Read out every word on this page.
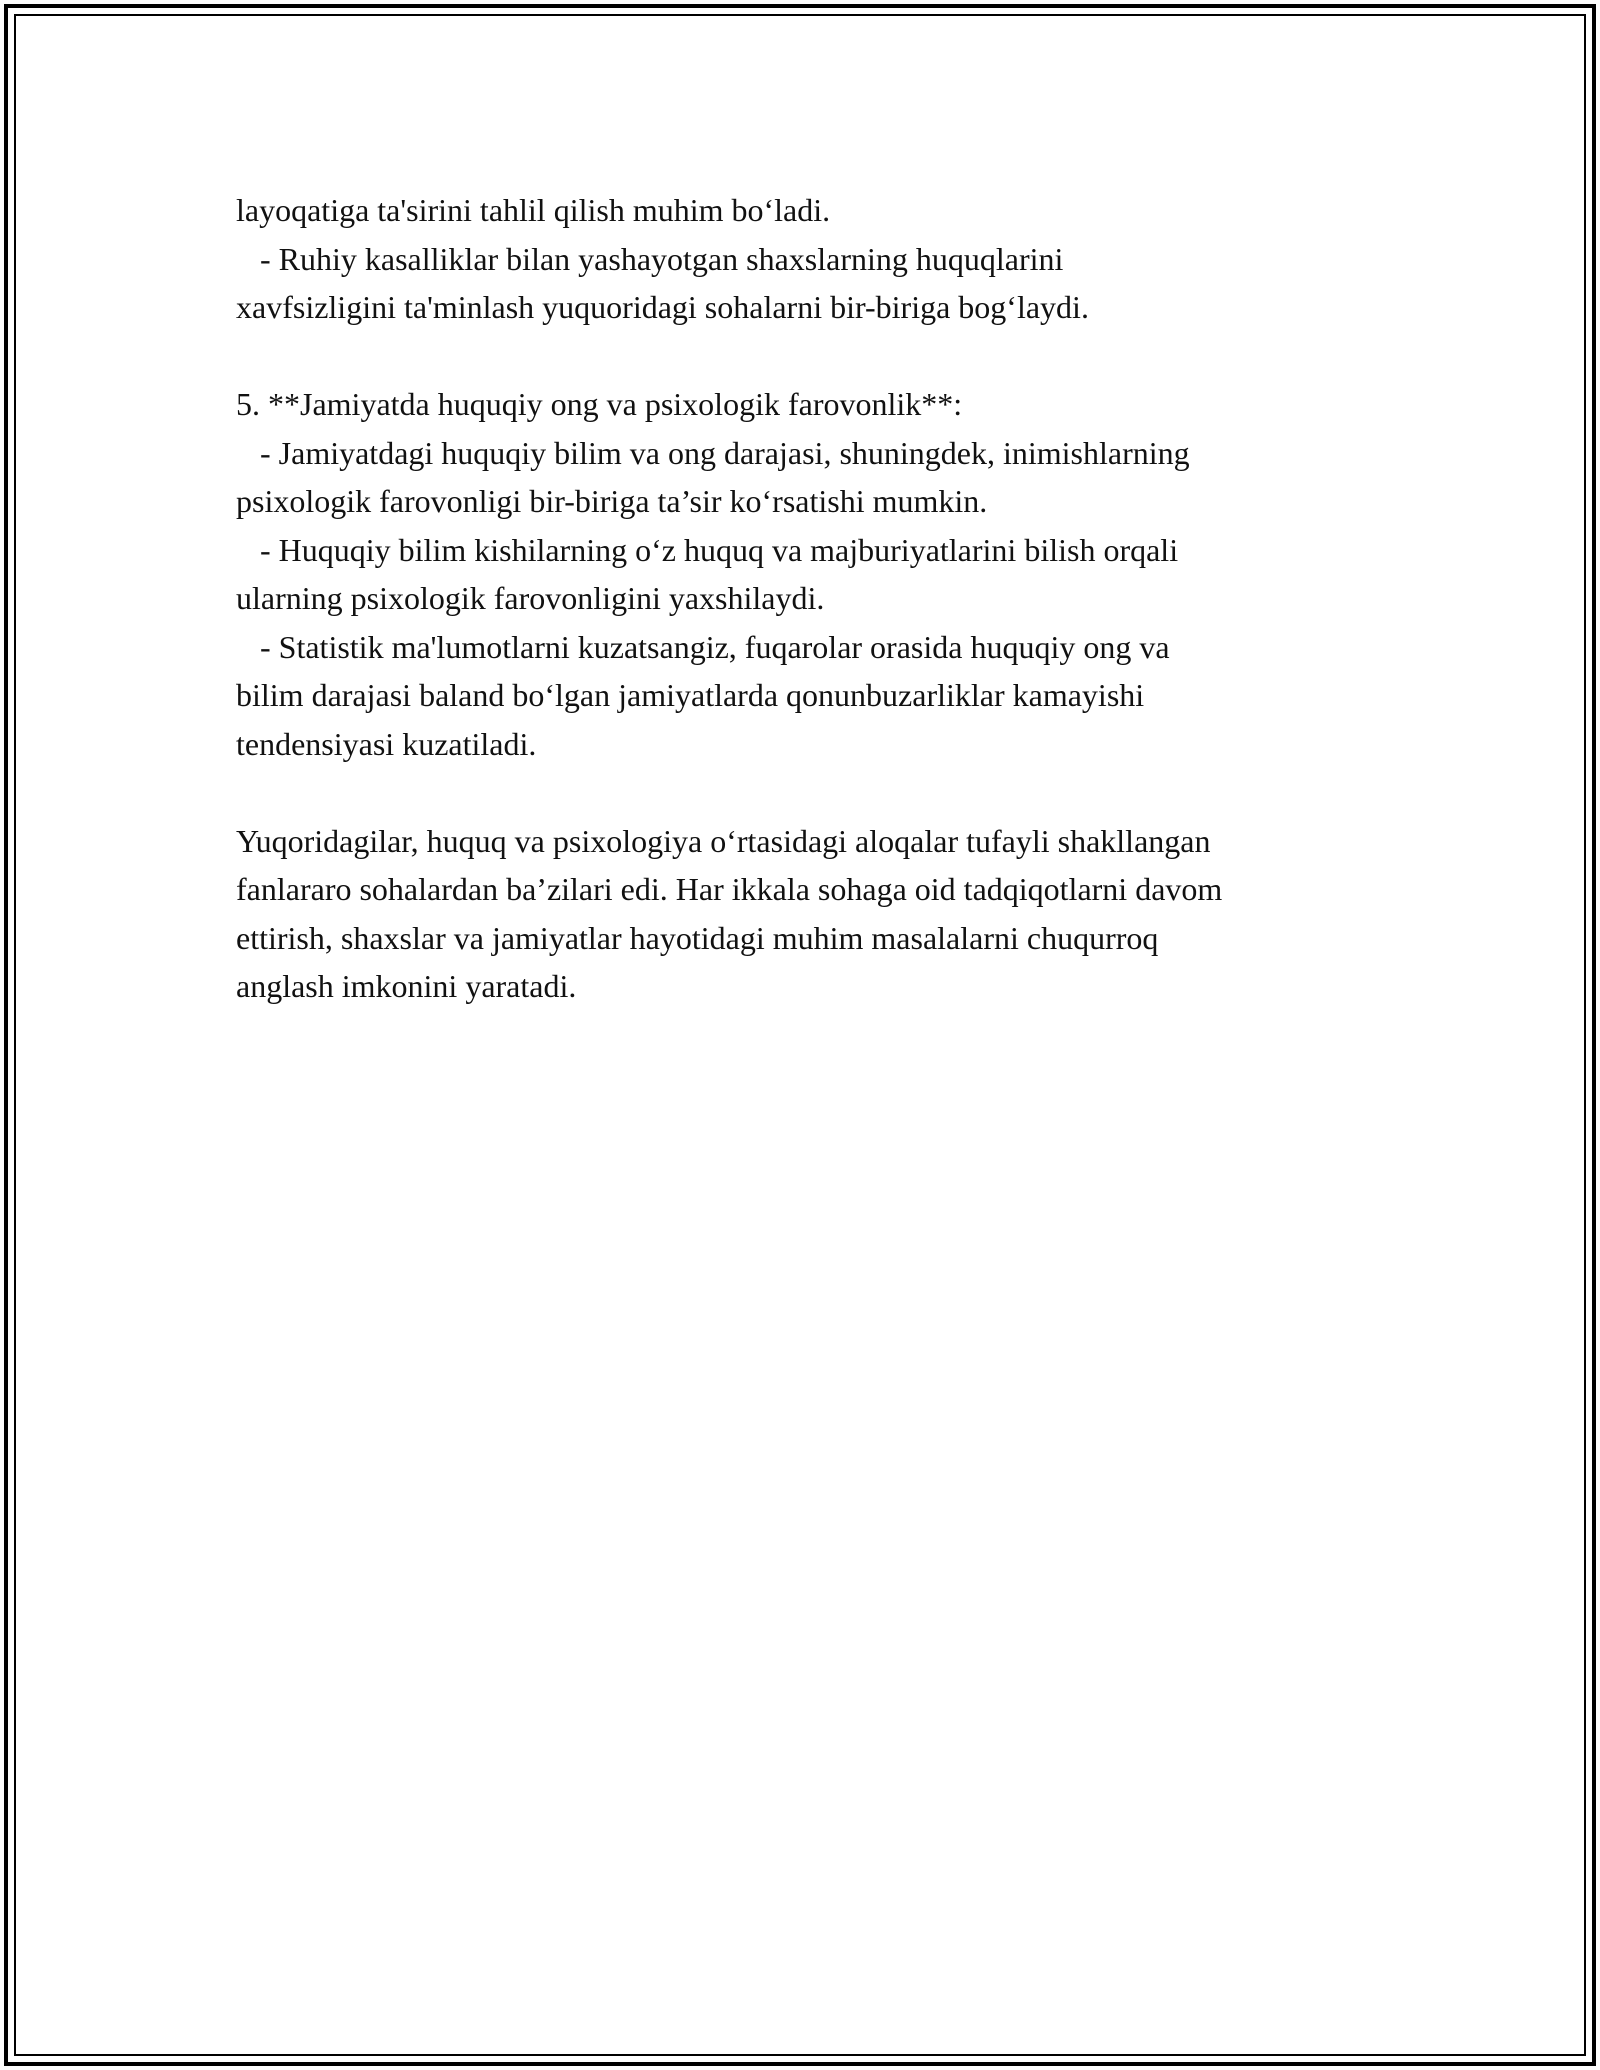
layoqatiga ta'sirini tahlil qilish muhim bo‘ladi.
- Ruhiy kasalliklar bilan yashayotgan shaxslarning huquqlarini
xavfsizligini ta'minlash yuquoridagi sohalarni bir-biriga bog‘laydi.
5. **Jamiyatda huquqiy ong va psixologik farovonlik**:
- Jamiyatdagi huquqiy bilim va ong darajasi, shuningdek, inimishlarning
psixologik farovonligi bir-biriga ta’sir ko‘rsatishi mumkin.
- Huquqiy bilim kishilarning o‘z huquq va majburiyatlarini bilish orqali
ularning psixologik farovonligini yaxshilaydi.
- Statistik ma'lumotlarni kuzatsangiz, fuqarolar orasida huquqiy ong va
bilim darajasi baland bo‘lgan jamiyatlarda qonunbuzarliklar kamayishi
tendensiyasi kuzatiladi.
Yuqoridagilar, huquq va psixologiya o‘rtasidagi aloqalar tufayli shakllangan
fanlararo sohalardan ba’zilari edi. Har ikkala sohaga oid tadqiqotlarni davom
ettirish, shaxslar va jamiyatlar hayotidagi muhim masalalarni chuqurroq
anglash imkonini yaratadi.
